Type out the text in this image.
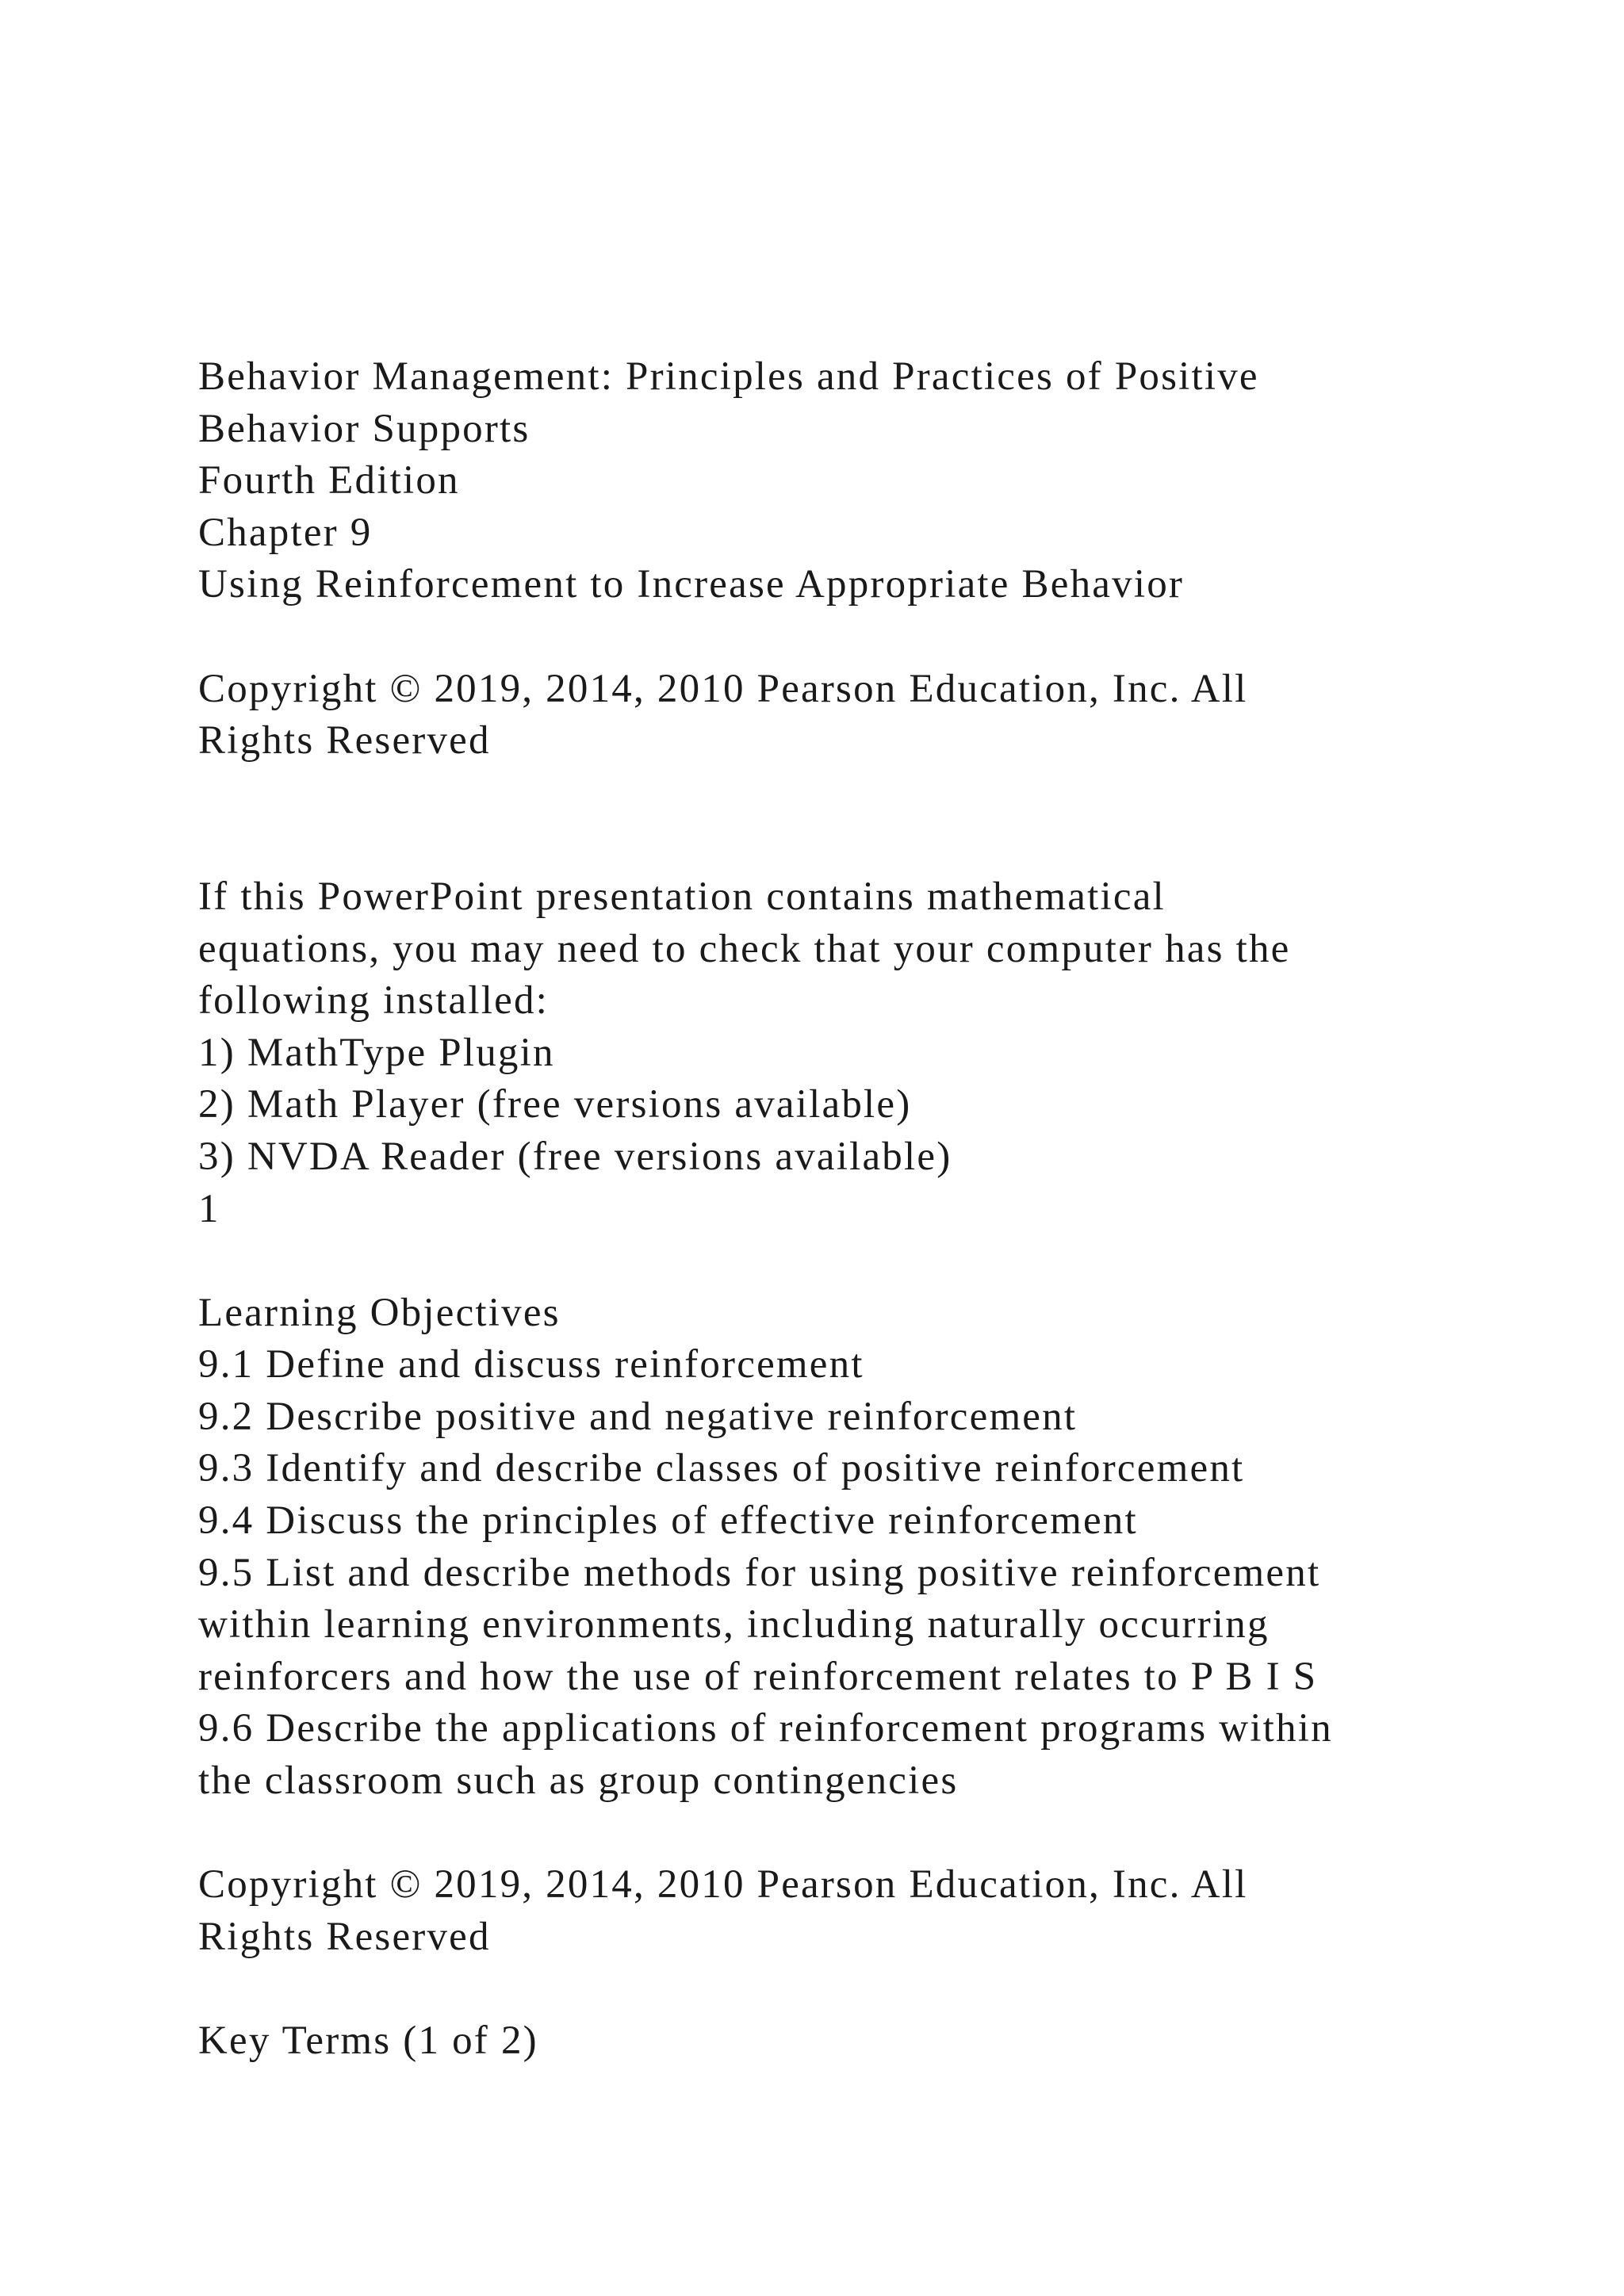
Behavior Management: Principles and Practices of Positive
Behavior Supports
Fourth Edition
Chapter 9
Using Reinforcement to Increase Appropriate Behavior
Copyright © 2019, 2014, 2010 Pearson Education, Inc. All
Rights Reserved
If this PowerPoint presentation contains mathematical
equations, you may need to check that your computer has the
following installed:
1) MathType Plugin
2) Math Player (free versions available)
3) NVDA Reader (free versions available)
1
Learning Objectives
9.1 Define and discuss reinforcement
9.2 Describe positive and negative reinforcement
9.3 Identify and describe classes of positive reinforcement
9.4 Discuss the principles of effective reinforcement
9.5 List and describe methods for using positive reinforcement
within learning environments, including naturally occurring
reinforcers and how the use of reinforcement relates to P B I S
9.6 Describe the applications of reinforcement programs within
the classroom such as group contingencies
Copyright © 2019, 2014, 2010 Pearson Education, Inc. All
Rights Reserved
Key Terms (1 of 2)
